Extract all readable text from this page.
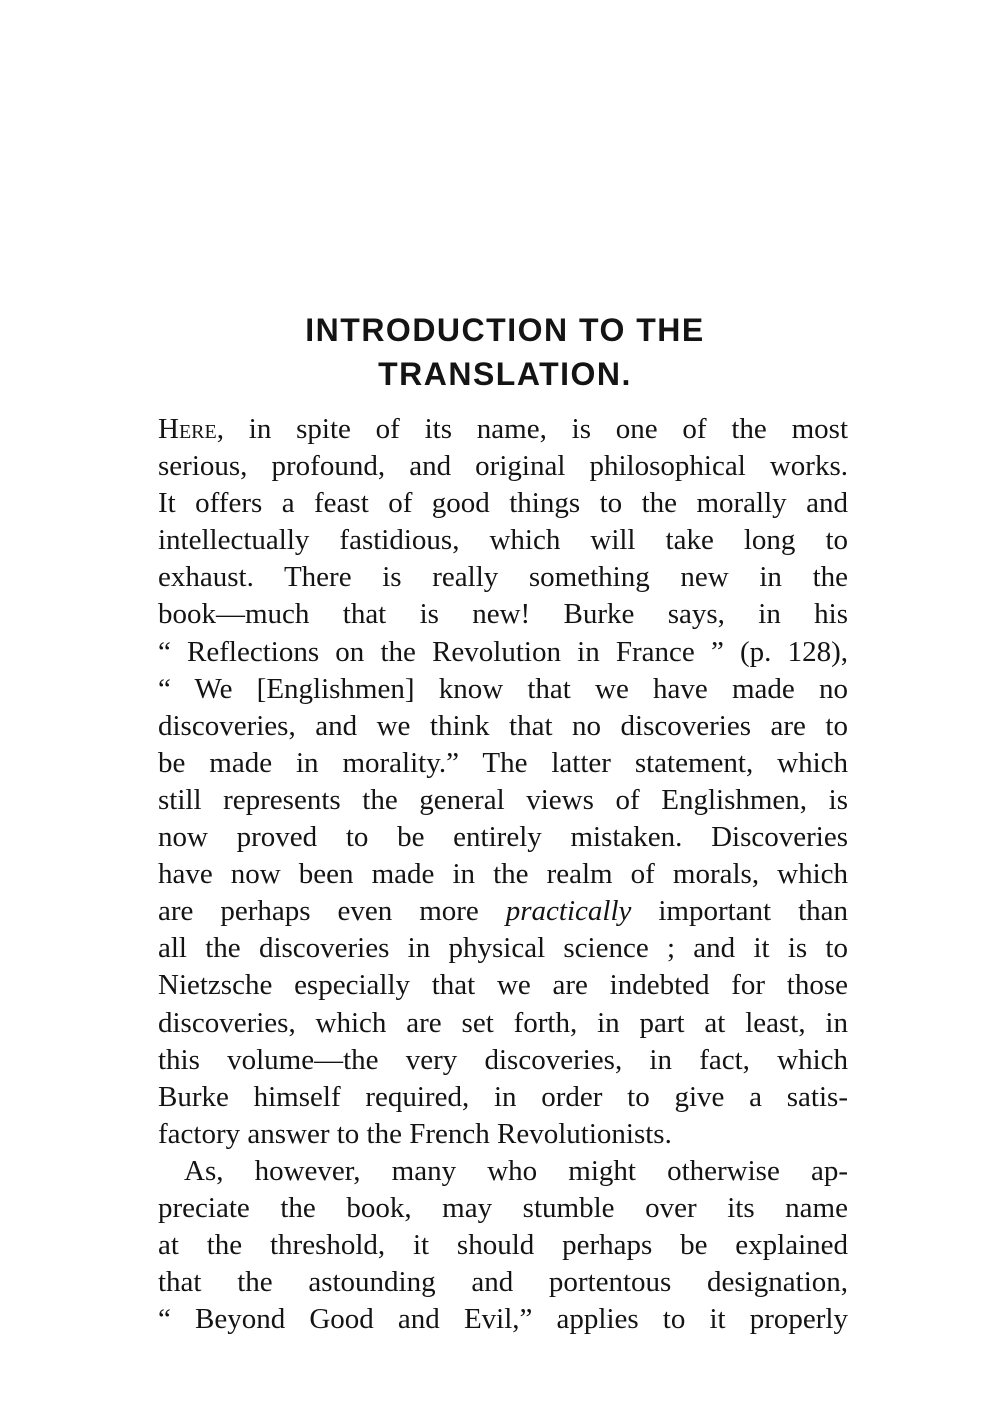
INTRODUCTION TO THE
TRANSLATION.
Here, in spite of its name, is one of the most
serious, profound, and original philosophical works.
It offers a feast of good things to the morally and
intellectually fastidious, which will take long to
exhaust. There is really something new in the
book—much that is new! Burke says, in his
“ Reflections on the Revolution in France ” (p. 128),
“ We [Englishmen] know that we have made no
discoveries, and we think that no discoveries are to
be made in morality.” The latter statement, which
still represents the general views of Englishmen, is
now proved to be entirely mistaken. Discoveries
have now been made in the realm of morals, which
are perhaps even more practically important than
all the discoveries in physical science ; and it is to
Nietzsche especially that we are indebted for those
discoveries, which are set forth, in part at least, in
this volume—the very discoveries, in fact, which
Burke himself required, in order to give a satis-
factory answer to the French Revolutionists.
As, however, many who might otherwise ap-
preciate the book, may stumble over its name
at the threshold, it should perhaps be explained
that the astounding and portentous designation,
“ Beyond Good and Evil,” applies to it properly
